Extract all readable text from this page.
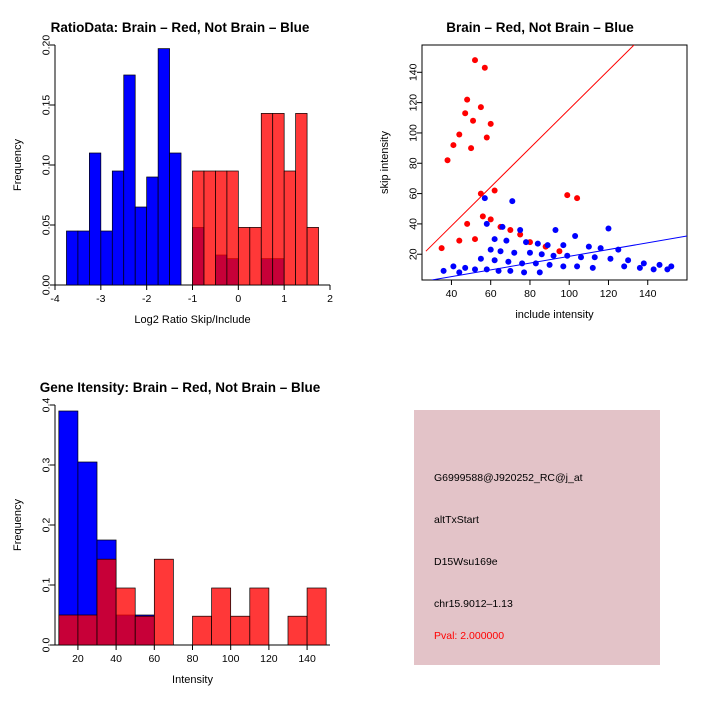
RatioData: Brain – Red, Not Brain – Blue
-4	-3	-2	-1	0	1	2
0.00
0.05
0.10
0.15
0.20
Log2 Ratio Skip/Include
Frequency
Brain – Red, Not Brain – Blue
40	60	80 100 120 140
20
40
60
80
100
120
140
include intensity
skip intensity
Gene Itensity: Brain – Red, Not Brain – Blue
20	40	60	80 100 120 140
0.0
0.1
0.2
0.3
0.4
Intensity
Frequency
G6999588@J920252_RC@j_at
altTxStart
D15Wsu169e
chr15.9012–1.13
Pval: 2.000000
